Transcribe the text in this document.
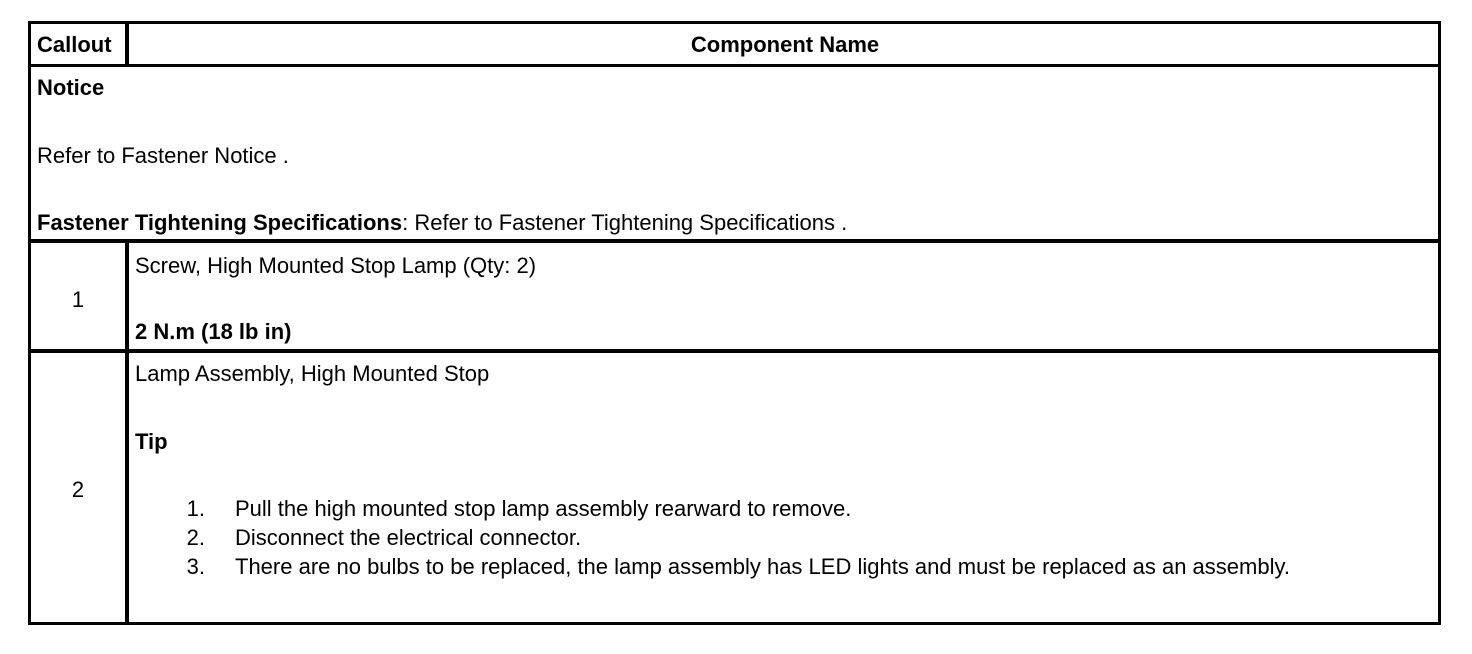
Callout	Component Name
Notice
Refer to Fastener Notice .
Fastener Tightening Specifications: Refer to Fastener Tightening Specifications .
1
Screw, High Mounted Stop Lamp (Qty: 2)
2 N.m (18 lb in)
2
Lamp Assembly, High Mounted Stop
Tip
1. Pull the high mounted stop lamp assembly rearward to remove.
2. Disconnect the electrical connector.
3. There are no bulbs to be replaced, the lamp assembly has LED lights and must be replaced as an assembly.
